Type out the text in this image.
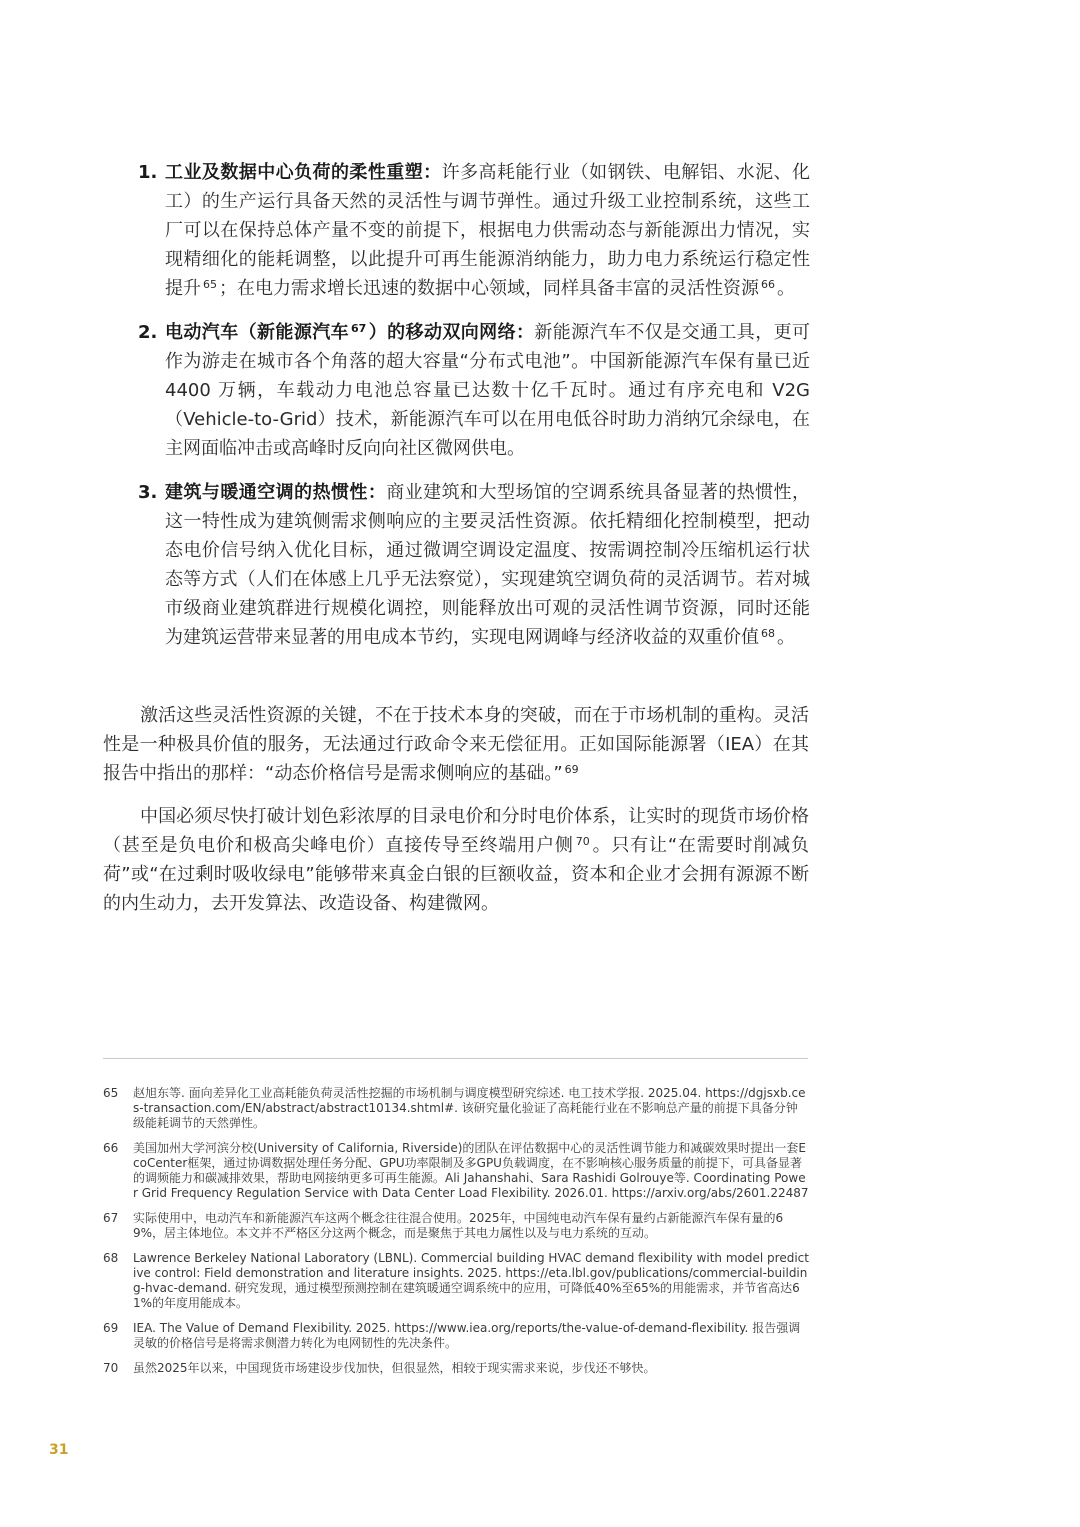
1. 工业及数据中心负荷的柔性重塑：许多高耗能行业（如钢铁、电解铝、水泥、化工）的生产运行具备天然的灵活性与调节弹性。通过升级工业控制系统，这些工厂可以在保持总体产量不变的前提下，根据电力供需动态与新能源出力情况，实现精细化的能耗调整，以此提升可再生能源消纳能力，助力电力系统运行稳定性提升 $^{65}$ ；在电力需求增长迅速的数据中心领域，同样具备丰富的灵活性资源 $^{66}$ 。
2. 电动汽车（新能源汽车 $^{67}$ ）的移动双向网络：新能源汽车不仅是交通工具，更可作为游走在城市各个角落的超大容量“分布式电池”。中国新能源汽车保有量已近 4400 万辆，车载动力电池总容量已达数十亿千瓦时。通过有序充电和 V2G（Vehicle-to-Grid）技术，新能源汽车可以在用电低谷时助力消纳冗余绿电，在主网面临冲击或高峰时反向向社区微网供电。
3. 建筑与暖通空调的热惯性：商业建筑和大型场馆的空调系统具备显著的热惯性，这一特性成为建筑侧需求侧响应的主要灵活性资源。依托精细化控制模型，把动态电价信号纳入优化目标，通过微调空调设定温度、按需调控制冷压缩机运行状态等方式（人们在体感上几乎无法察觉），实现建筑空调负荷的灵活调节。若对城市级商业建筑群进行规模化调控，则能释放出可观的灵活性调节资源，同时还能为建筑运营带来显著的用电成本节约，实现电网调峰与经济收益的双重价值 $^{68}$ 。

激活这些灵活性资源的关键，不在于技术本身的突破，而在于市场机制的重构。灵活性是一种极具价值的服务，无法通过行政命令来无偿征用。正如国际能源署（IEA）在其报告中指出的那样：“动态价格信号是需求侧响应的基础。” $^{69}$

中国必须尽快打破计划色彩浓厚的目录电价和分时电价体系，让实时的现货市场价格（甚至是负电价和极高尖峰电价）直接传导至终端用户侧 $^{70}$ 。只有让“在需要时削减负荷”或“在过剩时吸收绿电”能够带来真金白银的巨额收益，资本和企业才会拥有源源不断的内生动力，去开发算法、改造设备、构建微网。

65 赵旭东等. 面向差异化工业高耗能负荷灵活性挖掘的市场机制与调度模型研究综述. 电工技术学报. 2025.04. https://dgjsxb.ces-transaction.com/EN/abstract/abstract10134.shtml#. 该研究量化验证了高耗能行业在不影响总产量的前提下具备分钟级能耗调节的天然弹性。
66 美国加州大学河滨分校(University of California, Riverside)的团队在评估数据中心的灵活性调节能力和减碳效果时提出一套EcoCenter框架，通过协调数据处理任务分配、GPU功率限制及多GPU负载调度，在不影响核心服务质量的前提下，可具备显著的调频能力和碳减排效果，帮助电网接纳更多可再生能源。Ali Jahanshahi、Sara Rashidi Golrouye等. Coordinating Power Grid Frequency Regulation Service with Data Center Load Flexibility. 2026.01. https://arxiv.org/abs/2601.22487
67 实际使用中，电动汽车和新能源汽车这两个概念往往混合使用。2025年，中国纯电动汽车保有量约占新能源汽车保有量的69%，居主体地位。本文并不严格区分这两个概念，而是聚焦于其电力属性以及与电力系统的互动。
68 Lawrence Berkeley National Laboratory (LBNL). Commercial building HVAC demand flexibility with model predictive control: Field demonstration and literature insights. 2025. https://eta.lbl.gov/publications/commercial-building-hvac-demand. 研究发现，通过模型预测控制在建筑暖通空调系统中的应用，可降低40%至65%的用能需求，并节省高达61%的年度用能成本。
69 IEA. The Value of Demand Flexibility. 2025. https://www.iea.org/reports/the-value-of-demand-flexibility. 报告强调灵敏的价格信号是将需求侧潜力转化为电网韧性的先决条件。
70 虽然2025年以来，中国现货市场建设步伐加快，但很显然，相较于现实需求来说，步伐还不够快。
31
